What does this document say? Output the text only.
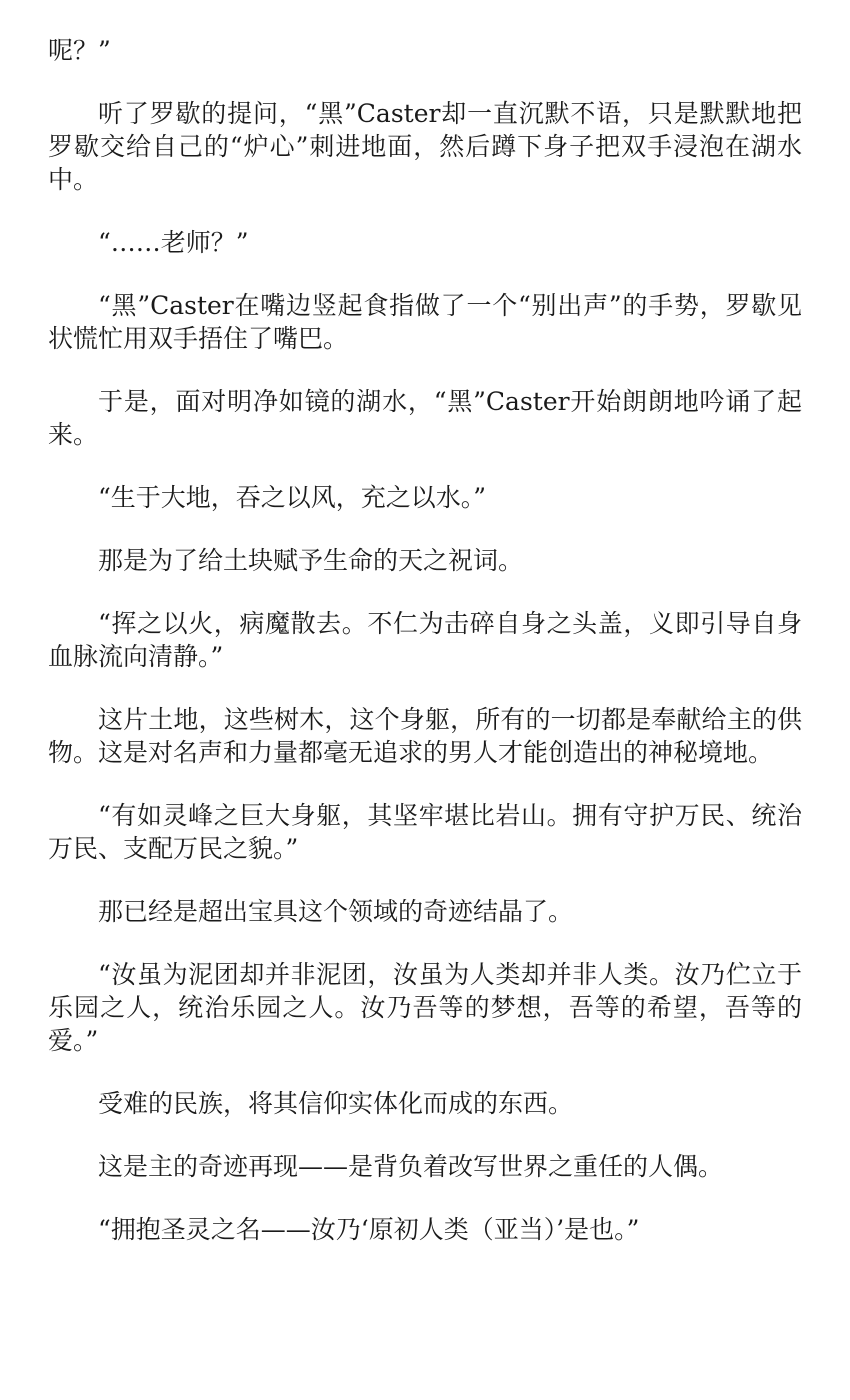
呢？”

听了罗歇的提问，“黑”Caster却一直沉默不语，只是默默地把罗歇交给自己的“炉心”刺进地面，然后蹲下身子把双手浸泡在湖水中。

“……老师？”

“黑”Caster在嘴边竖起食指做了一个“别出声”的手势，罗歇见状慌忙用双手捂住了嘴巴。

于是，面对明净如镜的湖水，“黑”Caster开始朗朗地吟诵了起来。

“生于大地，吞之以风，充之以水。”

那是为了给土块赋予生命的天之祝词。

“挥之以火，病魔散去。不仁为击碎自身之头盖，义即引导自身血脉流向清静。”

这片土地，这些树木，这个身躯，所有的一切都是奉献给主的供物。这是对名声和力量都毫无追求的男人才能创造出的神秘境地。

“有如灵峰之巨大身躯，其坚牢堪比岩山。拥有守护万民、统治万民、支配万民之貌。”

那已经是超出宝具这个领域的奇迹结晶了。

“汝虽为泥团却并非泥团，汝虽为人类却并非人类。汝乃伫立于乐园之人，统治乐园之人。汝乃吾等的梦想，吾等的希望，吾等的爱。”

受难的民族，将其信仰实体化而成的东西。

这是主的奇迹再现——是背负着改写世界之重任的人偶。

“拥抱圣灵之名——汝乃‘原初人类（亚当）’是也。”
